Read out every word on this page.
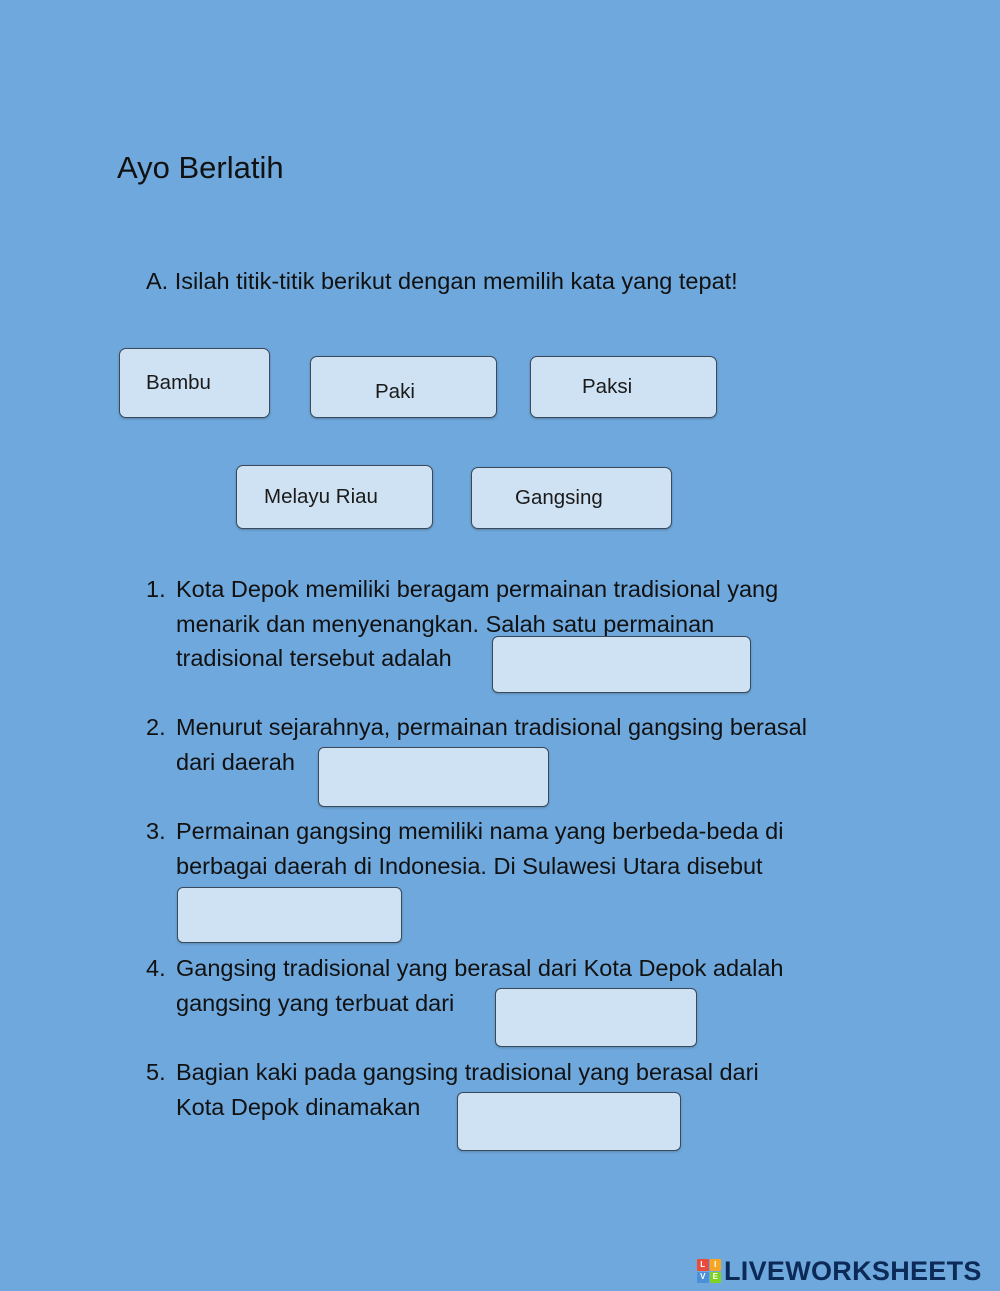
Ayo Berlatih
A. Isilah titik-titik berikut dengan memilih kata yang tepat!
Bambu	Paki	Paksi
Melayu Riau	Gangsing
1. Kota Depok memiliki beragam permainan tradisional yang
menarik dan menyenangkan. Salah satu permainan
tradisional tersebut adalah
2. Menurut sejarahnya, permainan tradisional gangsing berasal
dari daerah
3. Permainan gangsing memiliki nama yang berbeda-beda di
berbagai daerah di Indonesia. Di Sulawesi Utara disebut
4. Gangsing tradisional yang berasal dari Kota Depok adalah
gangsing yang terbuat dari
5. Bagian kaki pada gangsing tradisional yang berasal dari
Kota Depok dinamakan
L	I
V E LIVEWORKSHEETS
